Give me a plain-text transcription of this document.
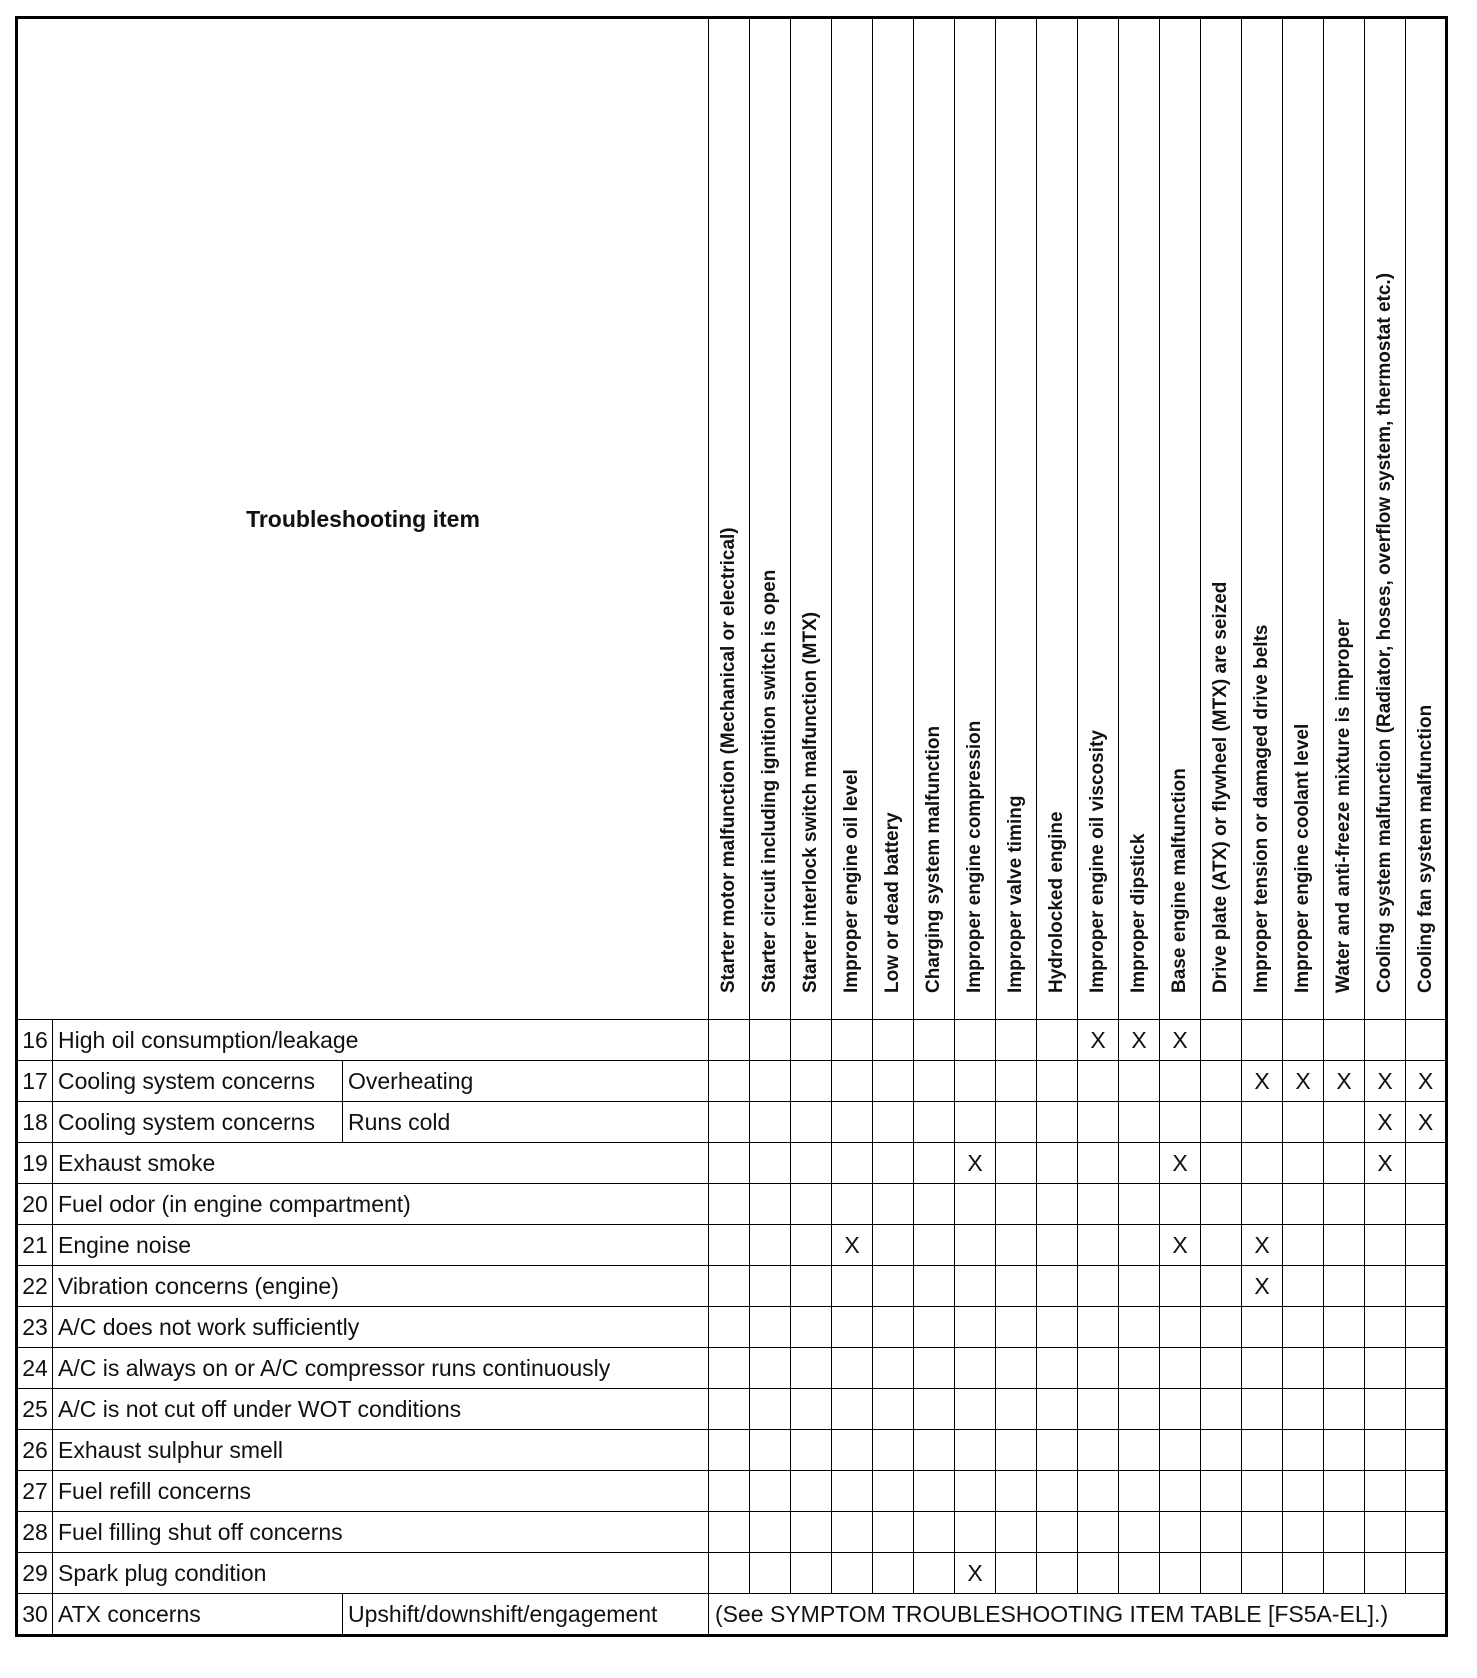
Troubleshooting item			Starter motor malfunction (Mechanical or electrical)	Starter circuit including ignition switch is open	Starter interlock switch malfunction (MTX)	Improper engine oil level	Low or dead battery	Charging system malfunction	Improper engine compression	Improper valve timing	Hydrolocked engine	Improper engine oil viscosity	Improper dipstick	Base engine malfunction	Drive plate (ATX) or flywheel (MTX) are seized	Improper tension or damaged drive belts	Improper engine coolant level	Water and anti-freeze mixture is improper	Cooling system malfunction (Radiator, hoses, overflow system, thermostat etc.)	Cooling fan system malfunction

16	High oil consumption/leakage											X	X	X						
17	Cooling system concerns	Overheating														X	X	X	X	X
18	Cooling system concerns	Runs cold																	X	X
19	Exhaust smoke								X					X					X	
20	Fuel odor (in engine compartment)																			
21	Engine noise					X								X		X				
22	Vibration concerns (engine)															X				
23	A/C does not work sufficiently																			
24	A/C is always on or A/C compressor runs continuously																			
25	A/C is not cut off under WOT conditions																			
26	Exhaust sulphur smell																			
27	Fuel refill concerns																			
28	Fuel filling shut off concerns																			
29	Spark plug condition								X											
30	ATX concerns	Upshift/downshift/engagement	(See SYMPTOM TROUBLESHOOTING ITEM TABLE [FS5A-EL].)																	
